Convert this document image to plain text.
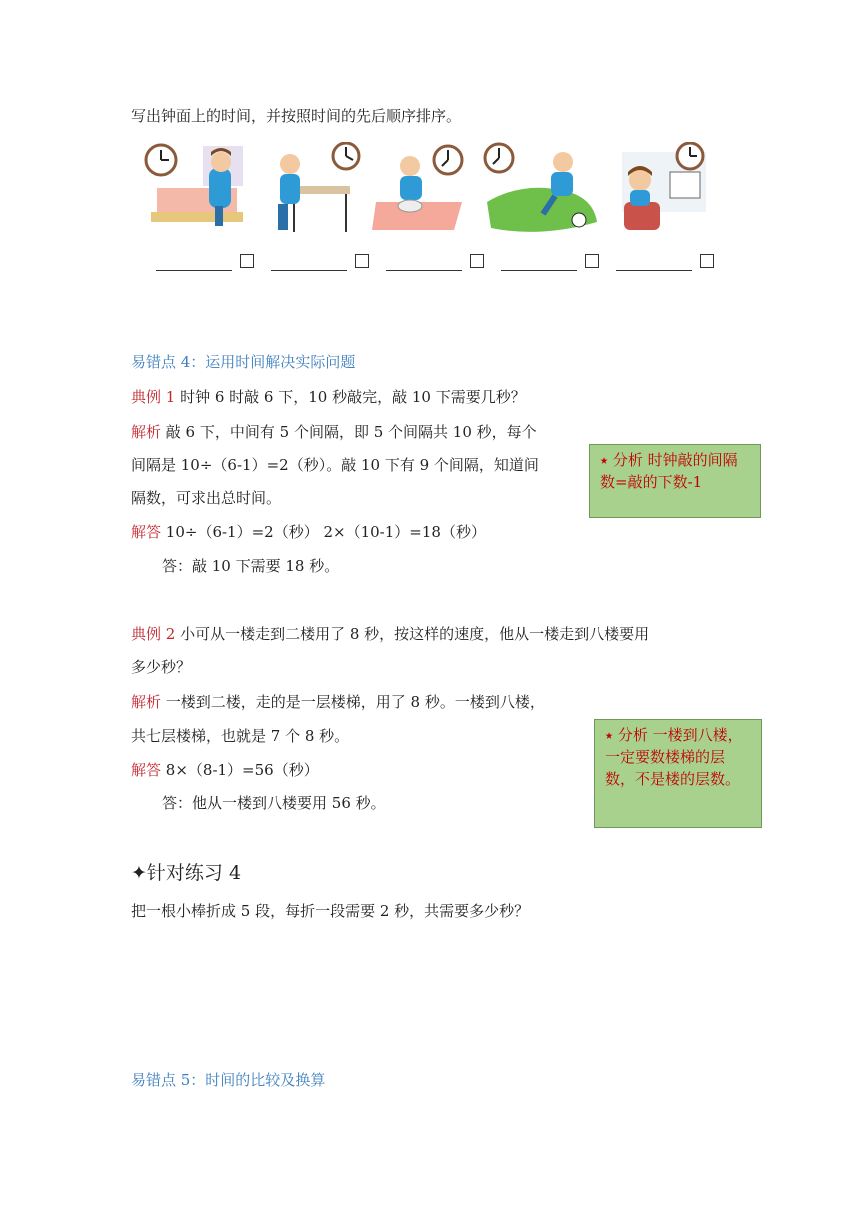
写出钟面上的时间，并按照时间的先后顺序排序。

易错点 4：运用时间解决实际问题
典例 1 时钟 6 时敲 6 下，10 秒敲完，敲 10 下需要几秒？
解析 敲 6 下，中间有 5 个间隔，即 5 个间隔共 10 秒，每个
间隔是 10÷（6-1）=2（秒）。敲 10 下有 9 个间隔，知道间
隔数，可求出总时间。
解答 10÷（6-1）=2（秒） 2×（10-1）=18（秒）
答：敲 10 下需要 18 秒。
⭑ 分析 时钟敲的间隔数=敲的下数-1
典例 2 小可从一楼走到二楼用了 8 秒，按这样的速度，他从一楼走到八楼要用
多少秒？
解析 一楼到二楼，走的是一层楼梯，用了 8 秒。一楼到八楼，
共七层楼梯，也就是 7 个 8 秒。
解答 8×（8-1）=56（秒）
答：他从一楼到八楼要用 56 秒。
⭑ 分析 一楼到八楼，一定要数楼梯的层数，不是楼的层数。
✦针对练习 4
把一根小棒折成 5 段，每折一段需要 2 秒，共需要多少秒？
易错点 5：时间的比较及换算
